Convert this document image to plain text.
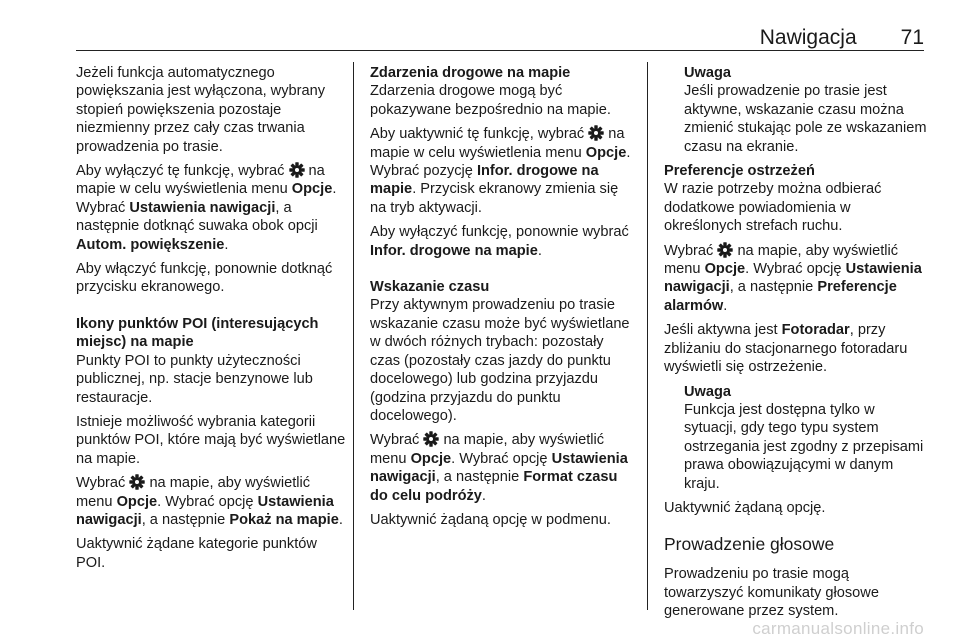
Nawigacja 71

Jeżeli funkcja automatycznego powiększania jest wyłączona, wybrany stopień powiększenia pozostaje niezmienny przez cały czas trwania prowadzenia po trasie.

Aby wyłączyć tę funkcję, wybrać  na mapie w celu wyświetlenia menu Opcje. Wybrać Ustawienia nawigacji, a następnie dotknąć suwaka obok opcji Autom. powiększenie.

Aby włączyć funkcję, ponownie dotknąć przycisku ekranowego.

Ikony punktów POI (interesujących miejsc) na mapie

Punkty POI to punkty użyteczności publicznej, np. stacje benzynowe lub restauracje.

Istnieje możliwość wybrania kategorii punktów POI, które mają być wyświetlane na mapie.

Wybrać  na mapie, aby wyświetlić menu Opcje. Wybrać opcję Ustawienia nawigacji, a następnie Pokaż na mapie.

Uaktywnić żądane kategorie punktów POI.

Zdarzenia drogowe na mapie

Zdarzenia drogowe mogą być pokazywane bezpośrednio na mapie.

Aby uaktywnić tę funkcję, wybrać  na mapie w celu wyświetlenia menu Opcje. Wybrać pozycję Infor. drogowe na mapie. Przycisk ekranowy zmienia się na tryb aktywacji.

Aby wyłączyć funkcję, ponownie wybrać Infor. drogowe na mapie.

Wskazanie czasu

Przy aktywnym prowadzeniu po trasie wskazanie czasu może być wyświetlane w dwóch różnych trybach: pozostały czas (pozostały czas jazdy do punktu docelowego) lub godzina przyjazdu (godzina przyjazdu do punktu docelowego).

Wybrać  na mapie, aby wyświetlić menu Opcje. Wybrać opcję Ustawienia nawigacji, a następnie Format czasu do celu podróży.

Uaktywnić żądaną opcję w podmenu.

Uwaga
Jeśli prowadzenie po trasie jest aktywne, wskazanie czasu można zmienić stukając pole ze wskazaniem czasu na ekranie.

Preferencje ostrzeżeń

W razie potrzeby można odbierać dodatkowe powiadomienia w określonych strefach ruchu.

Wybrać  na mapie, aby wyświetlić menu Opcje. Wybrać opcję Ustawienia nawigacji, a następnie Preferencje alarmów.

Jeśli aktywna jest Fotoradar, przy zbliżaniu do stacjonarnego fotoradaru wyświetli się ostrzeżenie.

Uwaga
Funkcja jest dostępna tylko w sytuacji, gdy tego typu system ostrzegania jest zgodny z przepisami prawa obowiązującymi w danym kraju.

Uaktywnić żądaną opcję.

Prowadzenie głosowe

Prowadzeniu po trasie mogą towarzyszyć komunikaty głosowe generowane przez system.

carmanualsonline.info
